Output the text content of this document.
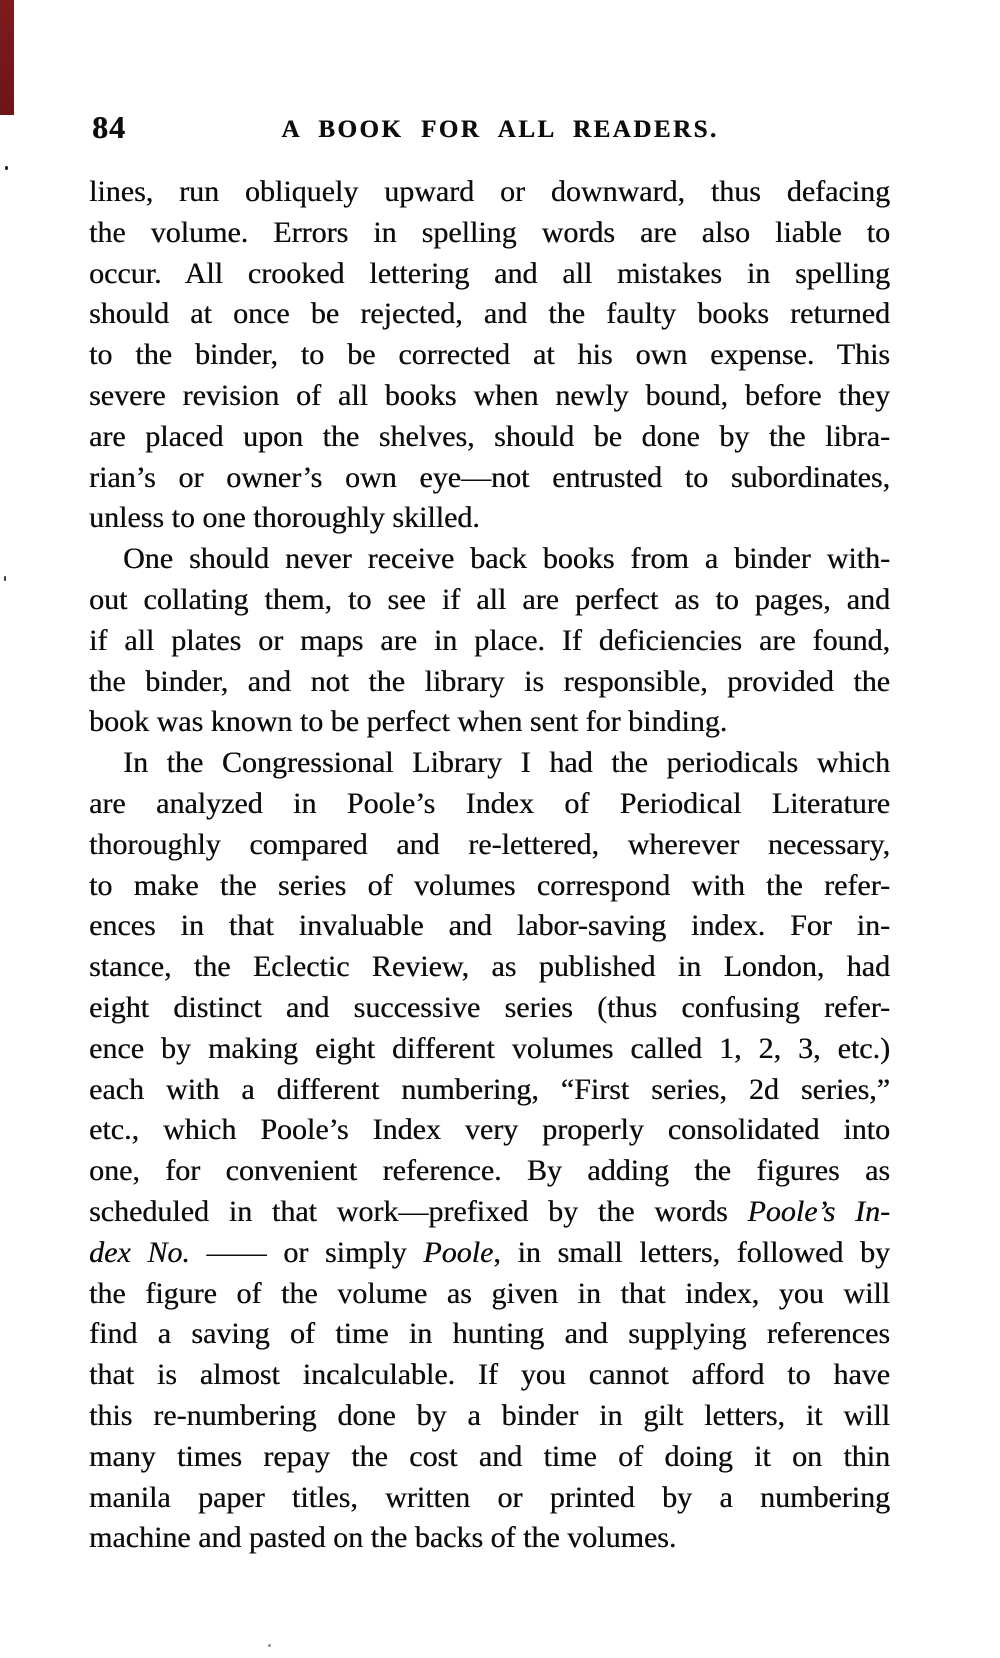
84	A BOOK FOR ALL READERS.
lines, run obliquely upward or downward, thus defacing
the volume. Errors in spelling words are also liable to
occur. All crooked lettering and all mistakes in spelling
should at once be rejected, and the faulty books returned
to the binder, to be corrected at his own expense. This
severe revision of all books when newly bound, before they
are placed upon the shelves, should be done by the libra-
rian’s or owner’s own eye—not entrusted to subordinates,
unless to one thoroughly skilled.
One should never receive back books from a binder with-
out collating them, to see if all are perfect as to pages, and
if all plates or maps are in place. If deficiencies are found,
the binder, and not the library is responsible, provided the
book was known to be perfect when sent for binding.
In the Congressional Library I had the periodicals which
are analyzed in Poole’s Index of Periodical Literature
thoroughly compared and re-lettered, wherever necessary,
to make the series of volumes correspond with the refer-
ences in that invaluable and labor-saving index. For in-
stance, the Eclectic Review, as published in London, had
eight distinct and successive series (thus confusing refer-
ence by making eight different volumes called 1, 2, 3, etc.)
each with a different numbering, “First series, 2d series,”
etc., which Poole’s Index very properly consolidated into
one, for convenient reference. By adding the figures as
scheduled in that work—prefixed by the words Poole’s In-
dex No. —— or simply Poole, in small letters, followed by
the figure of the volume as given in that index, you will
find a saving of time in hunting and supplying references
that is almost incalculable. If you cannot afford to have
this re-numbering done by a binder in gilt letters, it will
many times repay the cost and time of doing it on thin
manila paper titles, written or printed by a numbering
machine and pasted on the backs of the volumes.
